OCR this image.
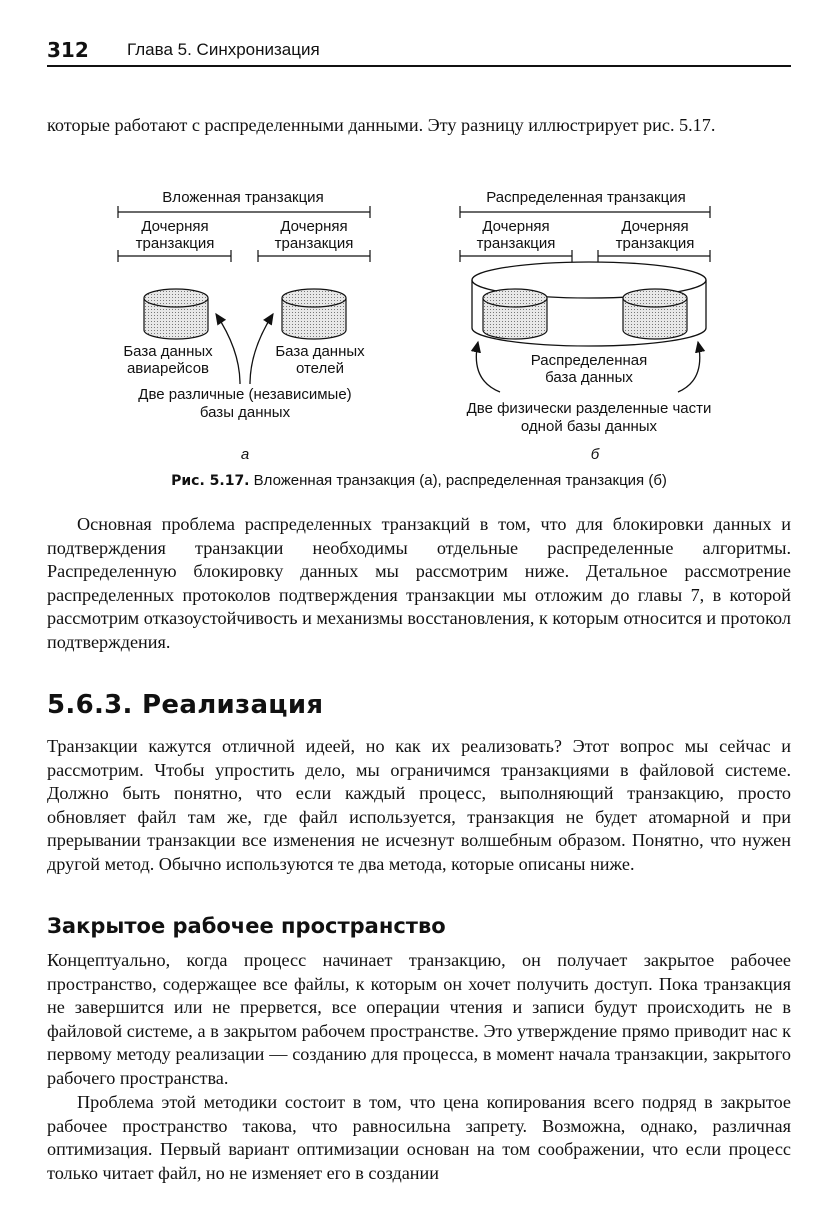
312 Глава 5. Синхронизация

которые работают с распределенными данными. Эту разницу иллюстрирует рис. 5.17.

Вложенная транзакция
Дочерняя
транзакция
Дочерняя
транзакция
База данных
авиарейсов
База данных
отелей
Две различные (независимые)
базы данных
а
Распределенная транзакция
Дочерняя
транзакция
Дочерняя
транзакция
Распределенная
база данных
Две физически разделенные части
одной базы данных
б

Рис. 5.17. Вложенная транзакция (а), распределенная транзакция (б)

Основная проблема распределенных транзакций в том, что для блокировки данных и подтверждения транзакции необходимы отдельные распределенные алгоритмы. Распределенную блокировку данных мы рассмотрим ниже. Детальное рассмотрение распределенных протоколов подтверждения транзакции мы отложим до главы 7, в которой рассмотрим отказоустойчивость и механизмы восстановления, к которым относится и протокол подтверждения.

5.6.3. Реализация

Транзакции кажутся отличной идеей, но как их реализовать? Этот вопрос мы сейчас и рассмотрим. Чтобы упростить дело, мы ограничимся транзакциями в файловой системе. Должно быть понятно, что если каждый процесс, выполняющий транзакцию, просто обновляет файл там же, где файл используется, транзакция не будет атомарной и при прерывании транзакции все изменения не исчезнут волшебным образом. Понятно, что нужен другой метод. Обычно используются те два метода, которые описаны ниже.

Закрытое рабочее пространство

Концептуально, когда процесс начинает транзакцию, он получает закрытое рабочее пространство, содержащее все файлы, к которым он хочет получить доступ. Пока транзакция не завершится или не прервется, все операции чтения и записи будут происходить не в файловой системе, а в закрытом рабочем пространстве. Это утверждение прямо приводит нас к первому методу реализации — созданию для процесса, в момент начала транзакции, закрытого рабочего пространства.

Проблема этой методики состоит в том, что цена копирования всего подряд в закрытое рабочее пространство такова, что равносильна запрету. Возможна, однако, различная оптимизация. Первый вариант оптимизации основан на том соображении, что если процесс только читает файл, но не изменяет его в создании
